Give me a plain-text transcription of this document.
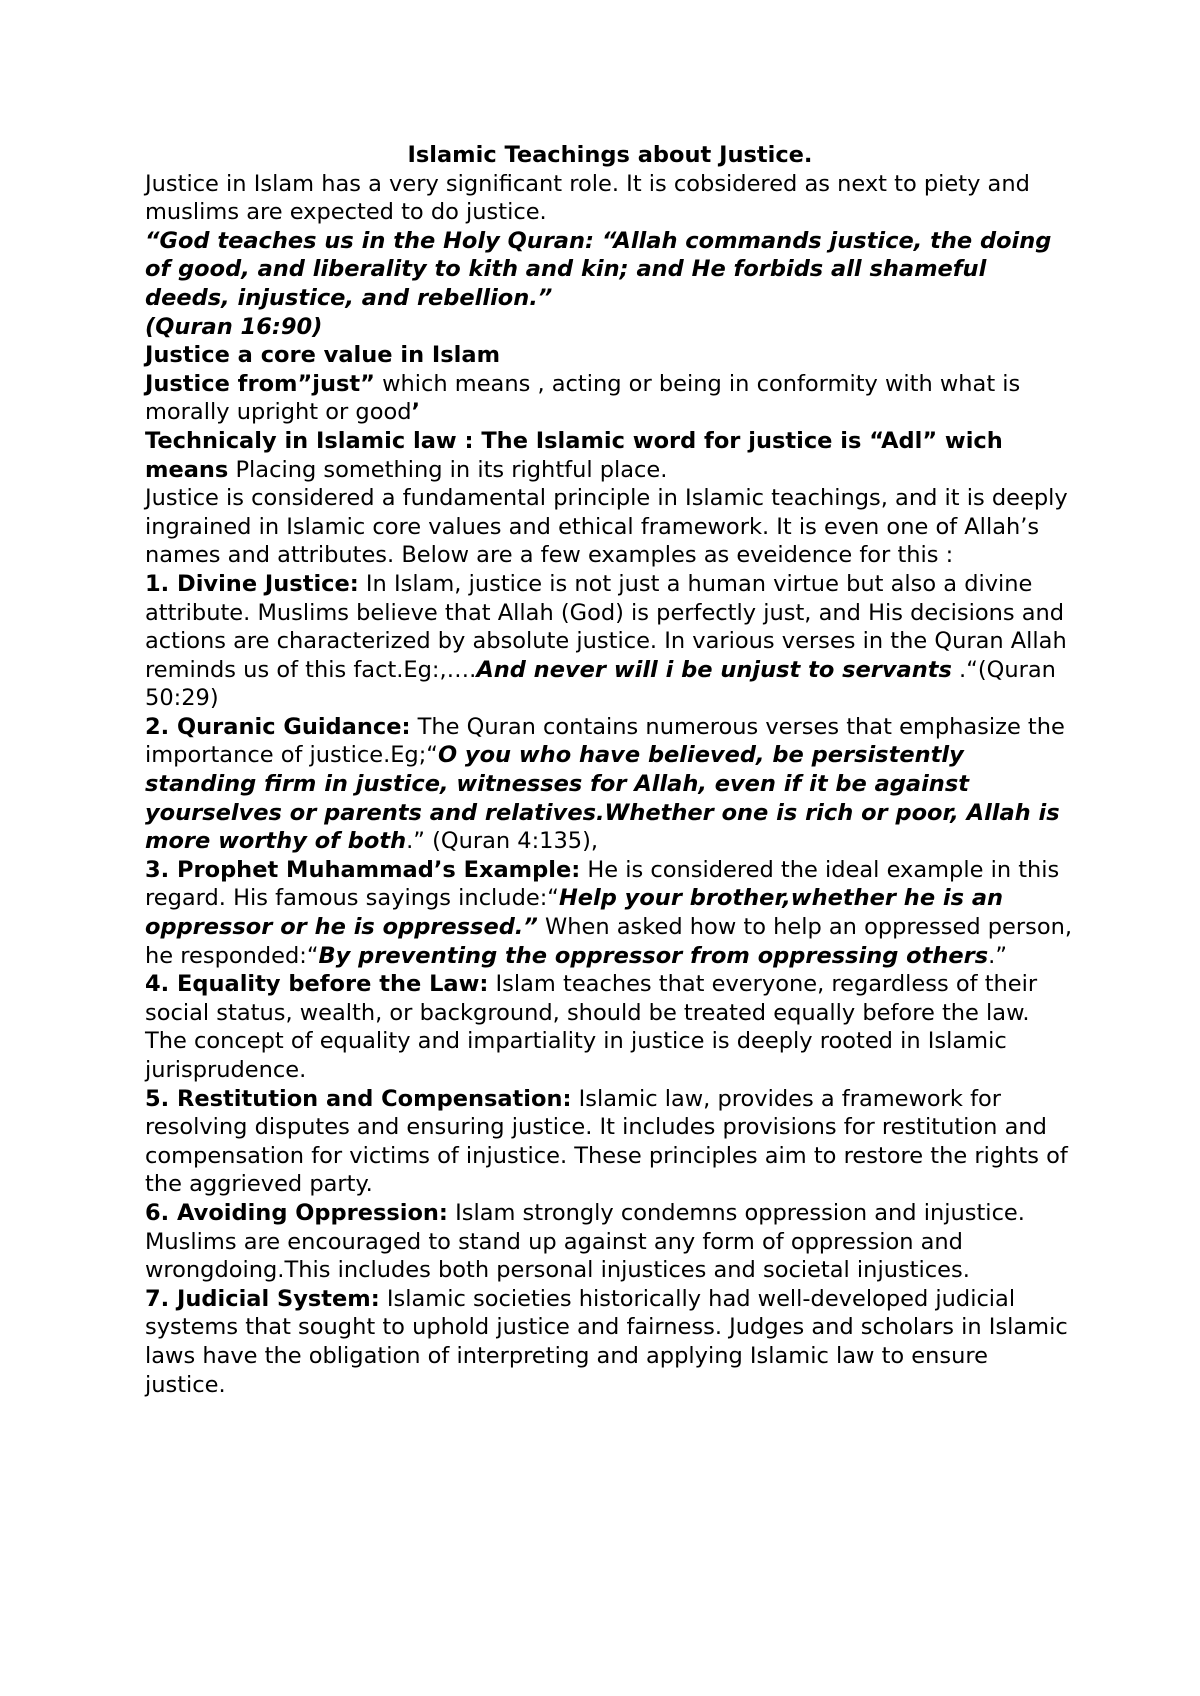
Islamic Teachings about Justice.

Justice in Islam has a very significant role. It is cobsidered as next to piety and muslims are expected to do justice.

“God teaches us in the Holy Quran: “Allah commands justice, the doing of good, and liberality to kith and kin; and He forbids all shameful deeds, injustice, and rebellion.”

(Quran 16:90)

Justice a core value in Islam

Justice from”just” which means , acting or being in conformity with what is morally upright or good’

Technicaly in Islamic law : The Islamic word for justice is “Adl” wich means Placing something in its rightful place.

Justice is considered a fundamental principle in Islamic teachings, and it is deeply ingrained in Islamic core values and ethical framework. It is even one of Allah’s names and attributes. Below are a few examples as eveidence for this :

1. Divine Justice: In Islam, justice is not just a human virtue but also a divine attribute. Muslims believe that Allah (God) is perfectly just, and His decisions and actions are characterized by absolute justice. In various verses in the Quran Allah reminds us of this fact.Eg:,….And never will i be unjust to servants .“(Quran 50:29)

2. Quranic Guidance: The Quran contains numerous verses that emphasize the importance of justice.Eg;“O you who have believed, be persistently standing firm in justice, witnesses for Allah, even if it be against yourselves or parents and relatives.Whether one is rich or poor, Allah is more worthy of both.” (Quran 4:135),

3. Prophet Muhammad’s Example: He is considered the ideal example in this regard. His famous sayings include:“Help your brother,whether he is an oppressor or he is oppressed.” When asked how to help an oppressed person, he responded:“By preventing the oppressor from oppressing others.”

4. Equality before the Law: Islam teaches that everyone, regardless of their social status, wealth, or background, should be treated equally before the law. The concept of equality and impartiality in justice is deeply rooted in Islamic jurisprudence.

5. Restitution and Compensation: Islamic law, provides a framework for resolving disputes and ensuring justice. It includes provisions for restitution and compensation for victims of injustice. These principles aim to restore the rights of the aggrieved party.

6. Avoiding Oppression: Islam strongly condemns oppression and injustice. Muslims are encouraged to stand up against any form of oppression and wrongdoing.This includes both personal injustices and societal injustices.

7. Judicial System: Islamic societies historically had well-developed judicial systems that sought to uphold justice and fairness. Judges and scholars in Islamic laws have the obligation of interpreting and applying Islamic law to ensure justice.
